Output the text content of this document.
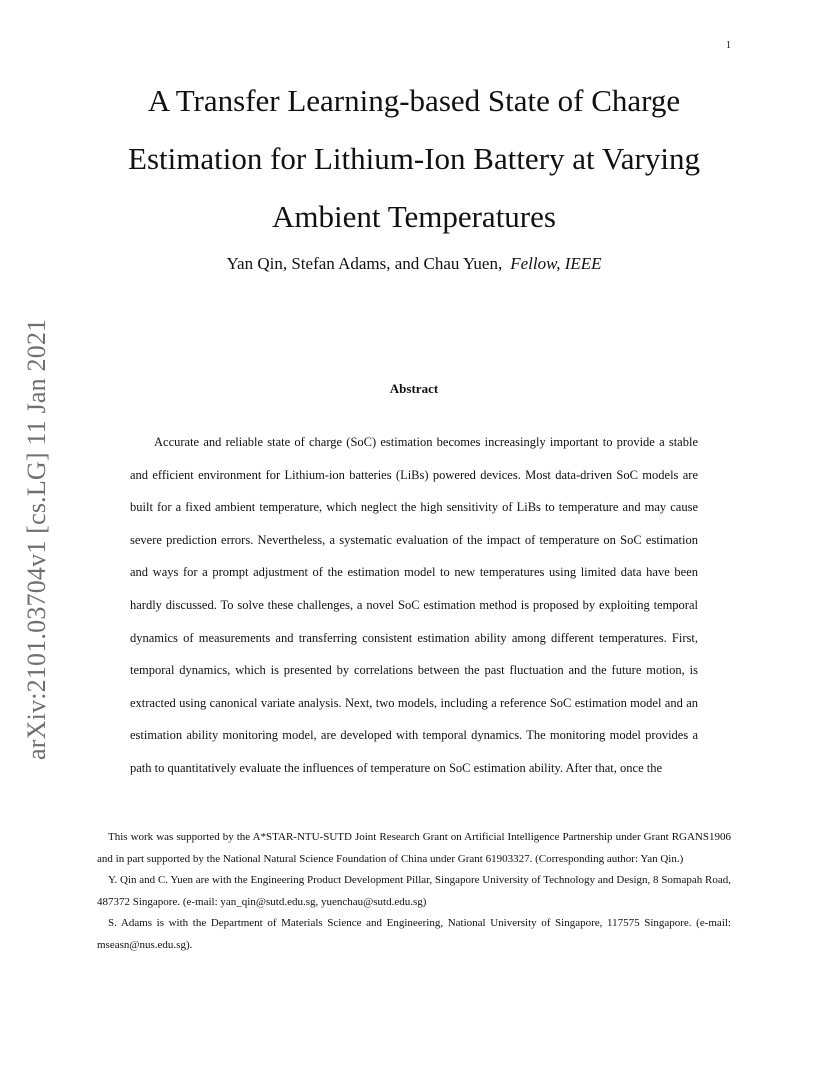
1
A Transfer Learning-based State of Charge
Estimation for Lithium-Ion Battery at Varying
Ambient Temperatures
Yan Qin, Stefan Adams, and Chau Yuen, Fellow, IEEE
arXiv:2101.03704v1 [cs.LG] 11 Jan 2021	Abstract

Accurate and reliable state of charge (SoC) estimation becomes increasingly important to provide a stable and efficient environment for Lithium-ion batteries (LiBs) powered devices. Most data-driven SoC models are built for a fixed ambient temperature, which neglect the high sensitivity of LiBs to temperature and may cause severe prediction errors. Nevertheless, a systematic evaluation of the impact of temperature on SoC estimation and ways for a prompt adjustment of the estimation model to new temperatures using limited data have been hardly discussed. To solve these challenges, a novel SoC estimation method is proposed by exploiting temporal dynamics of measurements and transferring consistent estimation ability among different temperatures. First, temporal dynamics, which is presented by correlations between the past fluctuation and the future motion, is extracted using canonical variate analysis. Next, two models, including a reference SoC estimation model and an estimation ability monitoring model, are developed with temporal dynamics. The monitoring model provides a path to quantitatively evaluate the influences of temperature on SoC estimation ability. After that, once the

This work was supported by the A*STAR-NTU-SUTD Joint Research Grant on Artificial Intelligence Partnership under Grant RGANS1906 and in part supported by the National Natural Science Foundation of China under Grant 61903327. (Corresponding author: Yan Qin.)

Y. Qin and C. Yuen are with the Engineering Product Development Pillar, Singapore University of Technology and Design, 8 Somapah Road, 487372 Singapore. (e-mail: yan_qin@sutd.edu.sg, yuenchau@sutd.edu.sg)

S. Adams is with the Department of Materials Science and Engineering, National University of Singapore, 117575 Singapore. (e-mail: mseasn@nus.edu.sg).
